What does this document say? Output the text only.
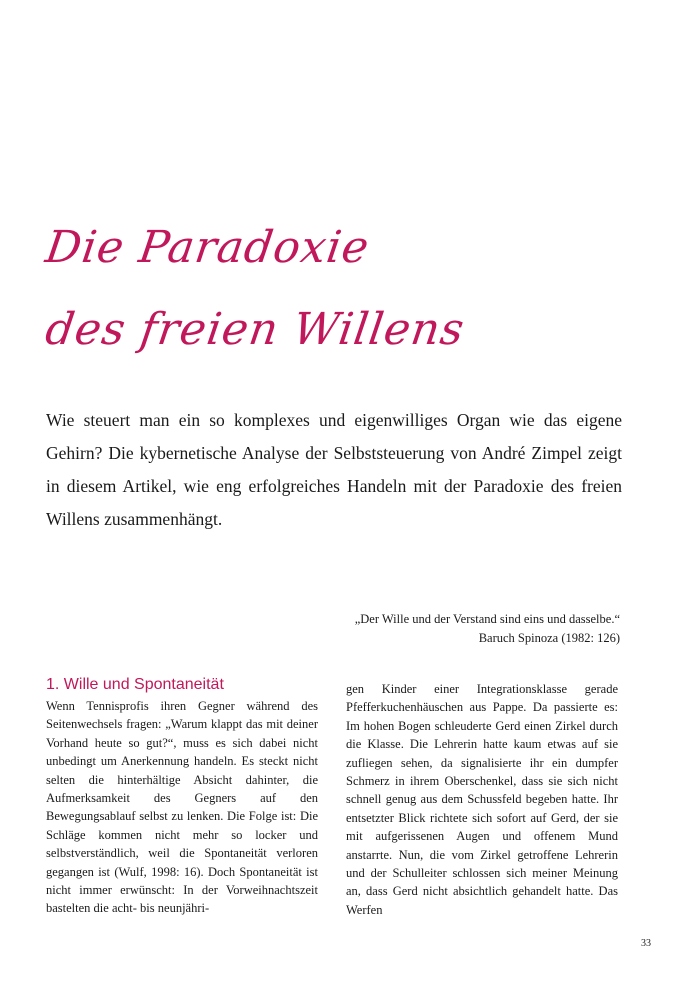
Die Paradoxie
des freien Willens

Wie steuert man ein so komplexes und eigenwilliges Organ wie das eigene Gehirn? Die kybernetische Analyse der Selbststeuerung von André Zimpel zeigt in diesem Artikel, wie eng erfolgreiches Handeln mit der Paradoxie des freien Willens zusammenhängt.

„Der Wille und der Verstand sind eins und dasselbe.“
Baruch Spinoza (1982: 126)
1. Wille und Spontaneität

Wenn Tennisprofis ihren Gegner während des Seitenwechsels fragen: „Warum klappt das mit deiner Vorhand heute so gut?“, muss es sich dabei nicht unbedingt um Anerkennung handeln. Es steckt nicht selten die hinterhältige Absicht dahinter, die Aufmerksamkeit des Gegners auf den Bewegungsablauf selbst zu lenken. Die Folge ist: Die Schläge kommen nicht mehr so locker und selbstverständlich, weil die Spontaneität verloren gegangen ist (Wulf, 1998: 16). Doch Spontaneität ist nicht immer erwünscht: In der Vorweihnachtszeit bastelten die acht- bis neunjähri-

gen Kinder einer Integrationsklasse gerade Pfefferkuchenhäuschen aus Pappe. Da passierte es: Im hohen Bogen schleuderte Gerd einen Zirkel durch die Klasse. Die Lehrerin hatte kaum etwas auf sie zufliegen sehen, da signalisierte ihr ein dumpfer Schmerz in ihrem Oberschenkel, dass sie sich nicht schnell genug aus dem Schussfeld begeben hatte. Ihr entsetzter Blick richtete sich sofort auf Gerd, der sie mit aufgerissenen Augen und offenem Mund anstarrte. Nun, die vom Zirkel getroffene Lehrerin und der Schulleiter schlossen sich meiner Meinung an, dass Gerd nicht absichtlich gehandelt hatte. Das Werfen

33
